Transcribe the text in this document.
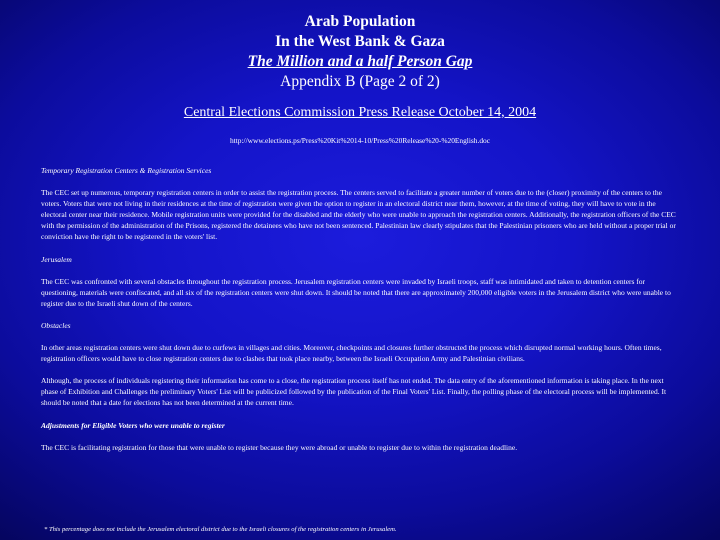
Arab Population
In the West Bank & Gaza
The Million and a half Person Gap
Appendix B (Page 2 of 2)
Central Elections Commission Press Release October 14, 2004
http://www.elections.ps/Press%20Kit%2014-10/Press%20Release%20-%20English.doc

Temporary Registration Centers & Registration Services

The CEC set up numerous, temporary registration centers in order to assist the registration process. The centers served to facilitate a greater number of voters due to the (closer) proximity of the centers to the voters. Voters that were not living in their residences at the time of registration were given the option to register in an electoral district near them, however, at the time of voting, they will have to vote in the electoral center near their residence. Mobile registration units were provided for the disabled and the elderly who were unable to approach the registration centers. Additionally, the registration officers of the CEC with the permission of the administration of the Prisons, registered the detainees who have not been sentenced. Palestinian law clearly stipulates that the Palestinian prisoners who are held without a proper trial or conviction have the right to be registered in the voters' list.

Jerusalem

The CEC was confronted with several obstacles throughout the registration process. Jerusalem registration centers were invaded by Israeli troops, staff was intimidated and taken to detention centers for questioning, materials were confiscated, and all six of the registration centers were shut down. It should be noted that there are approximately 200,000 eligible voters in the Jerusalem district who were unable to register due to the Israeli shut down of the centers.

Obstacles

In other areas registration centers were shut down due to curfews in villages and cities. Moreover, checkpoints and closures further obstructed the process which disrupted normal working hours. Often times, registration officers would have to close registration centers due to clashes that took place nearby, between the Israeli Occupation Army and Palestinian civilians.

Although, the process of individuals registering their information has come to a close, the registration process itself has not ended. The data entry of the aforementioned information is taking place. In the next phase of Exhibition and Challenges the preliminary Voters' List will be publicized followed by the publication of the Final Voters' List. Finally, the polling phase of the electoral process will be implemented. It should be noted that a date for elections has not been determined at the current time.

Adjustments for Eligible Voters who were unable to register

The CEC is facilitating registration for those that were unable to register because they were abroad or unable to register due to within the registration deadline.

* This percentage does not include the Jerusalem electoral district due to the Israeli closures of the registration centers in Jerusalem.
